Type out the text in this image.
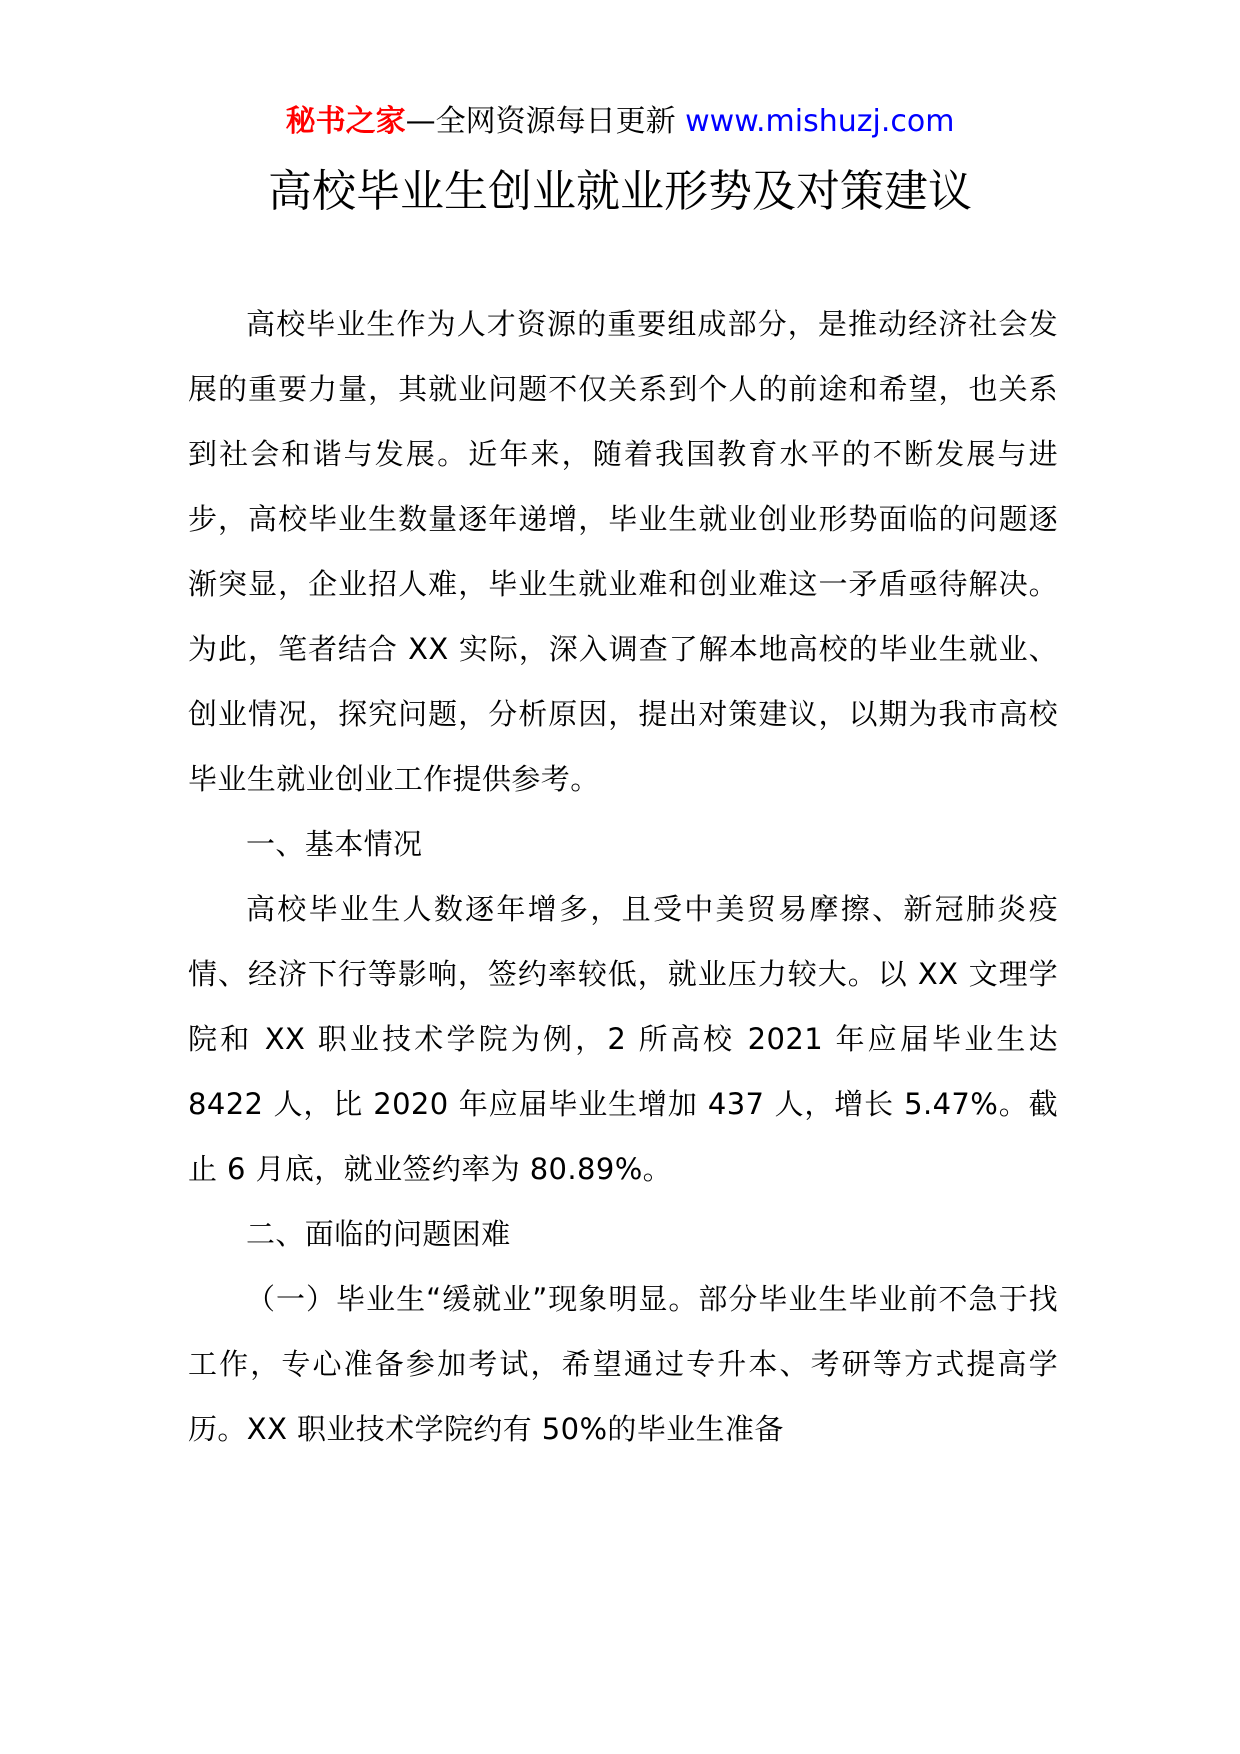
秘书之家—全网资源每日更新 www.mishuzj.com
高校毕业生创业就业形势及对策建议

高校毕业生作为人才资源的重要组成部分，是推动经济社会发展的重要力量，其就业问题不仅关系到个人的前途和希望，也关系到社会和谐与发展。近年来，随着我国教育水平的不断发展与进步，高校毕业生数量逐年递增，毕业生就业创业形势面临的问题逐渐突显，企业招人难，毕业生就业难和创业难这一矛盾亟待解决。为此，笔者结合 XX 实际，深入调查了解本地高校的毕业生就业、创业情况，探究问题，分析原因，提出对策建议，以期为我市高校毕业生就业创业工作提供参考。

一、基本情况

高校毕业生人数逐年增多，且受中美贸易摩擦、新冠肺炎疫情、经济下行等影响，签约率较低，就业压力较大。以 XX 文理学院和 XX 职业技术学院为例，2 所高校 2021 年应届毕业生达 8422 人，比 2020 年应届毕业生增加 437 人，增长 5.47%。截止 6 月底，就业签约率为 80.89%。

二、面临的问题困难

（一）毕业生“缓就业”现象明显。部分毕业生毕业前不急于找工作，专心准备参加考试，希望通过专升本、考研等方式提高学历。XX 职业技术学院约有 50%的毕业生准备
